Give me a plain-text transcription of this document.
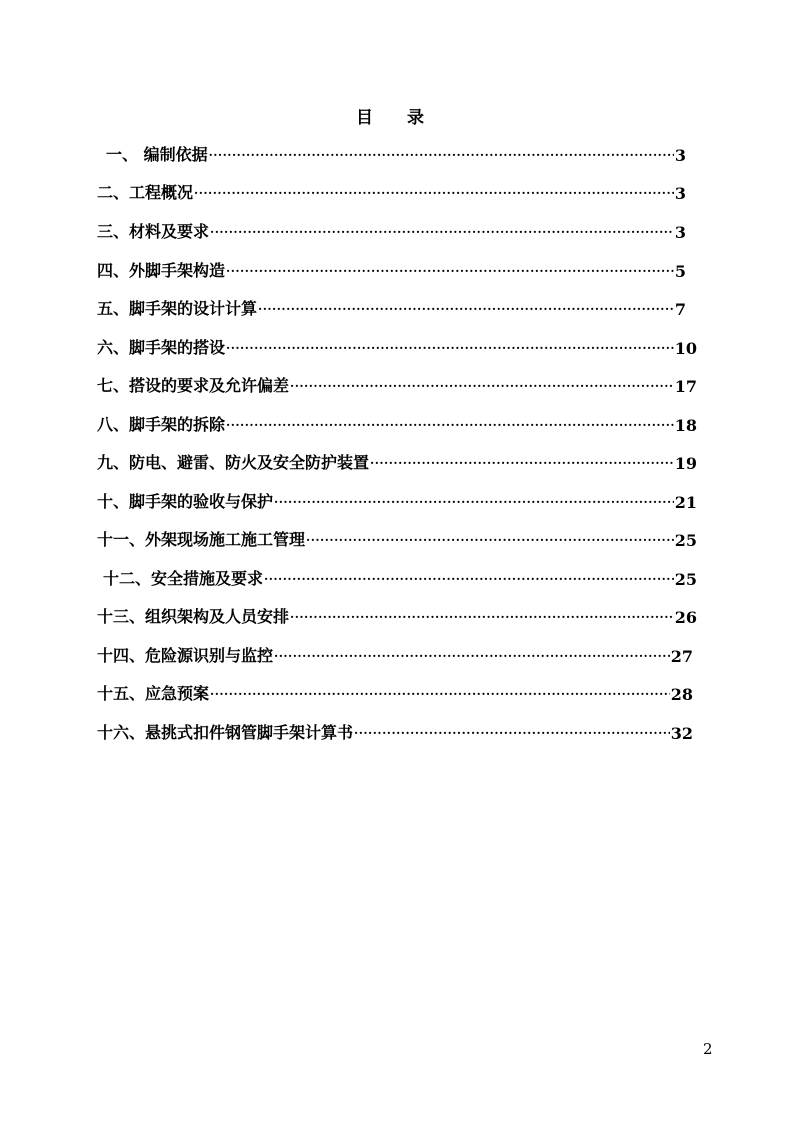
目 录
一、 编制依据 ·····	3
二、工程概况 ·····	3
三、材料及要求 ·····	3
四、外脚手架构造 ·····	5
五、脚手架的设计计算 ·····	7
六、脚手架的搭设 ·····	10
七、搭设的要求及允许偏差 ·····	17
八、脚手架的拆除 ·····	18
九、防电、避雷、防火及安全防护装置 ·····	19
十、脚手架的验收与保护 ·····	21
十一、外架现场施工施工管理 ·····	25
十二、安全措施及要求 ·····	25
十三、组织架构及人员安排 ·····	26
十四、危险源识别与监控 ·····	27
十五、应急预案 ·····	28
十六、悬挑式扣件钢管脚手架计算书 ·····	32
2
